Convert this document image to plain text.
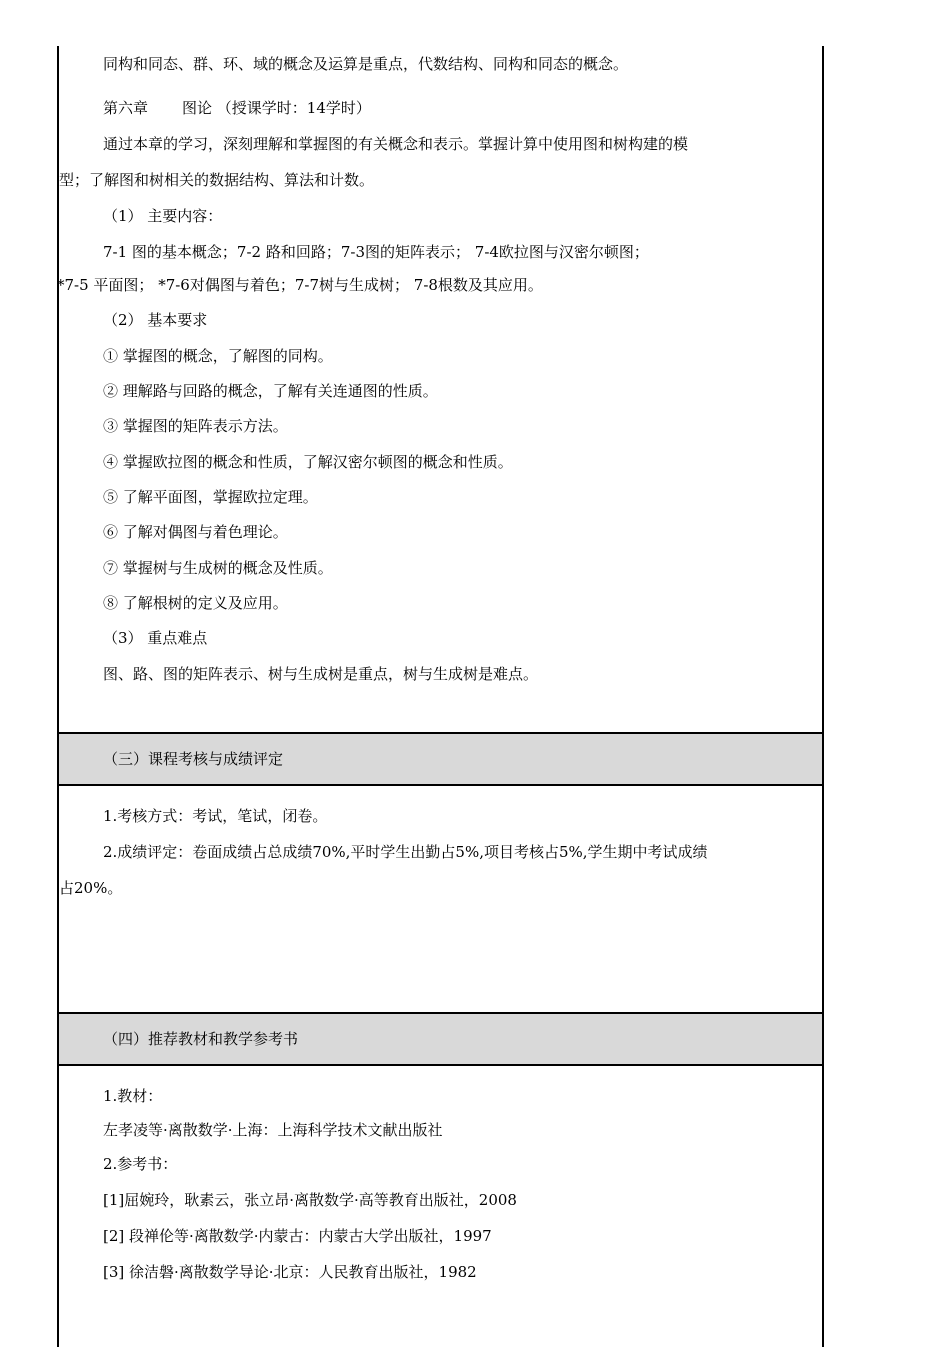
同构和同态、群、环、域的概念及运算是重点，代数结构、同构和同态的概念。
第六章 图论 （授课学时：14学时）
通过本章的学习，深刻理解和掌握图的有关概念和表示。掌握计算中使用图和树构建的模
型；了解图和树相关的数据结构、算法和计数。
（1） 主要内容：
7-1 图的基本概念；7-2 路和回路；7-3图的矩阵表示； 7-4欧拉图与汉密尔顿图；
*7-5 平面图； *7-6对偶图与着色；7-7树与生成树； 7-8根数及其应用。
（2） 基本要求
① 掌握图的概念，了解图的同构。
② 理解路与回路的概念，了解有关连通图的性质。
③ 掌握图的矩阵表示方法。
④ 掌握欧拉图的概念和性质，了解汉密尔顿图的概念和性质。
⑤ 了解平面图，掌握欧拉定理。
⑥ 了解对偶图与着色理论。
⑦ 掌握树与生成树的概念及性质。
⑧ 了解根树的定义及应用。
（3） 重点难点
图、路、图的矩阵表示、树与生成树是重点，树与生成树是难点。
（三）课程考核与成绩评定
1.考核方式：考试，笔试，闭卷。
2.成绩评定：卷面成绩占总成绩70%,平时学生出勤占5%,项目考核占5%,学生期中考试成绩
占20%。
（四）推荐教材和教学参考书
1.教材：
左孝凌等·离散数学·上海：上海科学技术文献出版社
2.参考书：
[1]屈婉玲，耿素云，张立昂·离散数学·高等教育出版社，2008
[2] 段禅伦等·离散数学·内蒙古：内蒙古大学出版社，1997
[3] 徐洁磐·离散数学导论·北京：人民教育出版社，1982
